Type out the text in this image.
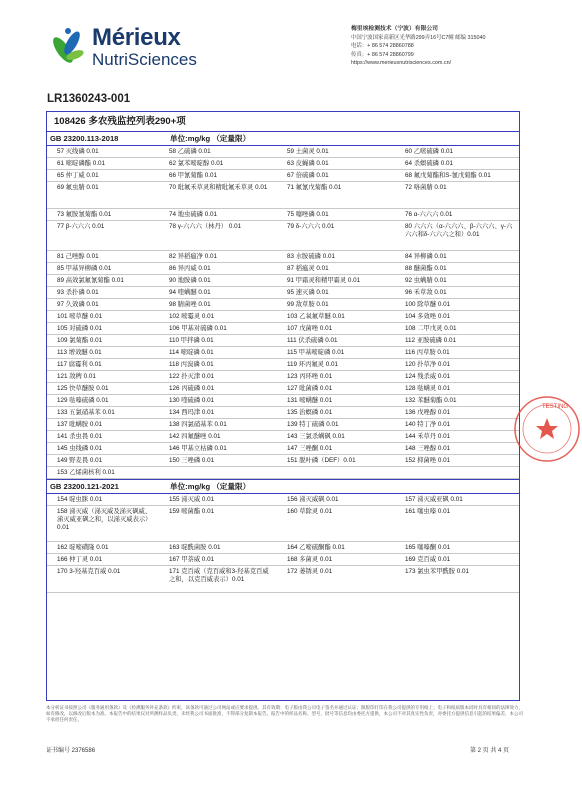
Mérieux
NutriSciences
梅里埃检测技术（宁波）有限公司
中国宁波国家高新区光华路299弄16号C7幢 邮编 315040
电话：+ 86 574 28860788
传真：+ 86 574 28860799
https://www.merieuxnutrisciences.com.cn/
LR1360243-001
108426 多农残监控列表290+项
GB 23200.113-2018	单位:mg/kg （定量限）
57 灭线磷 0.01	58 乙硫磷 0.01	59 土菌灵 0.01	60 乙嘧硫磷 0.01
61 嘧啶磷酯 0.01	62 氯苯嘧啶醇 0.01	63 皮蝇磷 0.01	64 杀螟硫磷 0.01
65 仲丁威 0.01	66 甲氰菊酯 0.01	67 倍硫磷 0.01	68 氟戊菊酯和S-氰戊菊酯 0.01
69 氟虫腈 0.01	70 吡氟禾草灵和精吡氟禾草灵 0.01	71 氟氰戊菊酯 0.01	72 咯菌腈 0.01
73 氟胺氰菊酯 0.01	74 地虫硫磷 0.01	75 噻唑磷 0.01	76 α-六六六 0.01
77 β-六六六 0.01	78 γ-六六六（林丹） 0.01	79 δ-六六六 0.01	80 六六六（α-六六六、β-六六六、γ-六六六和δ-六六六之和）0.01
81 己唑醇 0.01	82 异稻瘟净 0.01	83 水胺硫磷 0.01	84 异柳磷 0.01
85 甲基异柳磷 0.01	86 异丙威 0.01	87 稻瘟灵 0.01	88 醚菌酯 0.01
89 高效氯氟氰菊酯 0.01	90 地胺磷 0.01	91 甲霜灵和精甲霜灵 0.01	92 虫螨腈 0.01
93 杀扑磷 0.01	94 喹螨醚 0.01	95 速灭磷 0.01	96 禾草敌 0.01
97 久效磷 0.01	98 腈菌唑 0.01	99 敌草胺 0.01	100 除草醚 0.01
101 嘧草醚 0.01	102 嘧霉灵 0.01	103 乙氧氟草醚 0.01	104 多效唑 0.01
105 对硫磷 0.01	106 甲基对硫磷 0.01	107 戊菌唑 0.01	108 二甲戊灵 0.01
109 氯菊酯 0.01	110 甲拌磷 0.01	111 伏杀硫磷 0.01	112 亚胺硫磷 0.01
113 增效醚 0.01	114 嘧啶磷 0.01	115 甲基嘧啶磷 0.01	116 丙草胺 0.01
117 腐霉利 0.01	118 丙溴磷 0.01	119 环丙氟灵 0.01	120 扑草净 0.01
121 敌稗 0.01	122 扑灭津 0.01	123 丙环唑 0.01	124 残杀威 0.01
125 快草醚胺 0.01	126 丙硫磷 0.01	127 吡菌磷 0.01	128 哒螨灵 0.01
129 哒嗪硫磷 0.01	130 喹硫磷 0.01	131 嘧螨醚 0.01	132 苯醚菊酯 0.01
133 五氯硝基苯 0.01	134 西玛津 0.01	135 治螟磷 0.01	136 戊唑醇 0.01
137 吡螨胺 0.01	138 四氯硝基苯 0.01	139 特丁硫磷 0.01	140 特丁净 0.01
141 杀虫畏 0.01	142 四氟醚唑 0.01	143 三氯杀螨砜 0.01	144 禾草丹 0.01
145 虫线磷 0.01	146 甲基立枯磷 0.01	147 三唑酮 0.01	148 三唑醇 0.01
149 野麦畏 0.01	150 三唑磷 0.01	151 脱叶磷（DEF）0.01	152 抑菌唑 0.01
153 乙烯菌核利 0.01
GB 23200.121-2021	单位:mg/kg （定量限）
154 啶虫脒 0.01	155 涕灭威 0.01	156 涕灭威砜 0.01	157 涕灭威亚砜 0.01
158 涕灭威（涕灭威及涕灭砜威、涕灭威亚砜之和，以涕灭威表示）0.01
159 嘧菌酯 0.01	160 草除灵 0.01	161 噻虫嗪 0.01
162 啶嘧磺隆 0.01	163 啶酰菌胺 0.01	164 乙嘧硫酮酯 0.01	165 噻嗪酮 0.01
166 仲丁灵 0.01	167 甲萘威 0.01	168 多菌灵 0.01	169 克百威 0.01
170 3-羟基克百威 0.01	171 克百威（克百威和3-羟基克百威之和，以克百威表示）0.01
172 萎锈灵 0.01	173 氯虫苯甲酰胺 0.01
TESTING
本分析证书按照公司《服务通用条款》及《检测服务补充条款》约束，该条款可通过公司网站或应要求提供。其有效期：电子版由我公司电子签名并通过认证；限版印打印在我公司提供的专用纸上；电子和纸质版本同时具有相同的法律效力，如有修改，以修改后版本为准。本报告中的结果仅对所测样品负责。未经我公司书面批准，不得部分复制本报告。报告中的样品名称、型号、批号等信息均由委托方提供，本公司不对其真实性负责，对委托方提供信息引起的结果偏差，本公司不承担任何责任。
证书编号 2376586	第 2 页 共 4 页
